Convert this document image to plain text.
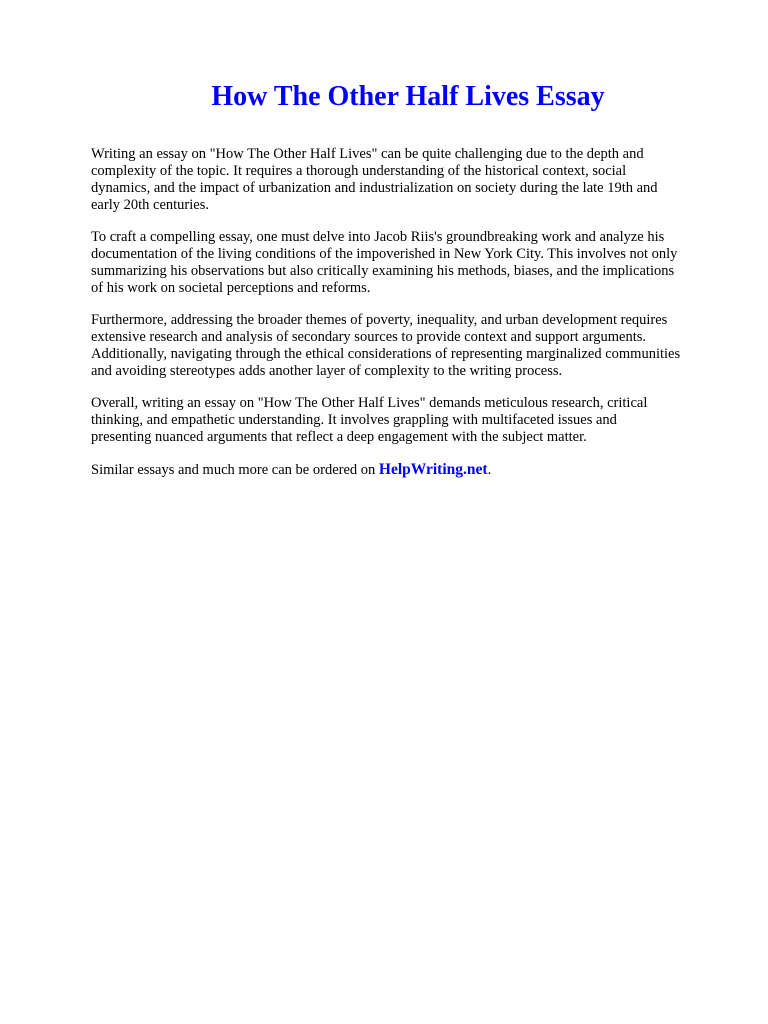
How The Other Half Lives Essay

Writing an essay on "How The Other Half Lives" can be quite challenging due to the depth and
complexity of the topic. It requires a thorough understanding of the historical context, social
dynamics, and the impact of urbanization and industrialization on society during the late 19th and
early 20th centuries.

To craft a compelling essay, one must delve into Jacob Riis's groundbreaking work and analyze his
documentation of the living conditions of the impoverished in New York City. This involves not only
summarizing his observations but also critically examining his methods, biases, and the implications
of his work on societal perceptions and reforms.

Furthermore, addressing the broader themes of poverty, inequality, and urban development requires
extensive research and analysis of secondary sources to provide context and support arguments.
Additionally, navigating through the ethical considerations of representing marginalized communities
and avoiding stereotypes adds another layer of complexity to the writing process.

Overall, writing an essay on "How The Other Half Lives" demands meticulous research, critical
thinking, and empathetic understanding. It involves grappling with multifaceted issues and
presenting nuanced arguments that reflect a deep engagement with the subject matter.

Similar essays and much more can be ordered on HelpWriting.net.
